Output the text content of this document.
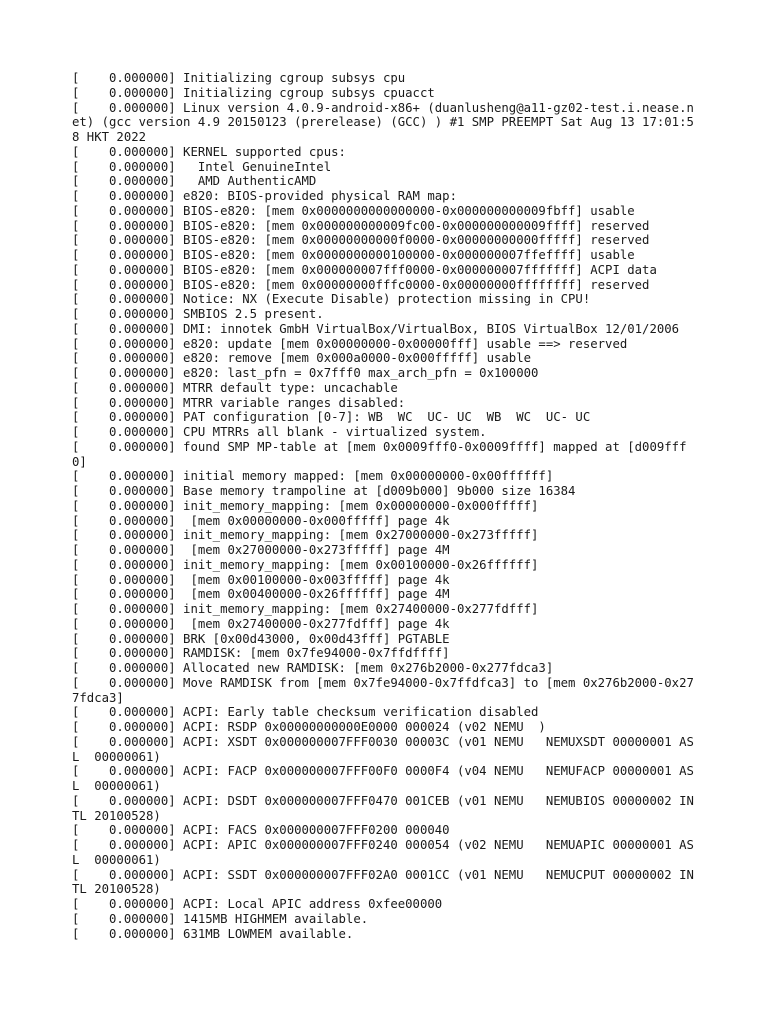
[    0.000000] Initializing cgroup subsys cpu
[    0.000000] Initializing cgroup subsys cpuacct
[    0.000000] Linux version 4.0.9-android-x86+ (duanlusheng@a11-gz02-test.i.nease.net) (gcc version 4.9 20150123 (prerelease) (GCC) ) #1 SMP PREEMPT Sat Aug 13 17:01:58 HKT 2022
[    0.000000] KERNEL supported cpus:
[    0.000000]   Intel GenuineIntel
[    0.000000]   AMD AuthenticAMD
[    0.000000] e820: BIOS-provided physical RAM map:
[    0.000000] BIOS-e820: [mem 0x0000000000000000-0x000000000009fbff] usable
[    0.000000] BIOS-e820: [mem 0x000000000009fc00-0x000000000009ffff] reserved
[    0.000000] BIOS-e820: [mem 0x00000000000f0000-0x00000000000fffff] reserved
[    0.000000] BIOS-e820: [mem 0x0000000000100000-0x000000007ffeffff] usable
[    0.000000] BIOS-e820: [mem 0x000000007fff0000-0x000000007fffffff] ACPI data
[    0.000000] BIOS-e820: [mem 0x00000000fffc0000-0x00000000ffffffff] reserved
[    0.000000] Notice: NX (Execute Disable) protection missing in CPU!
[    0.000000] SMBIOS 2.5 present.
[    0.000000] DMI: innotek GmbH VirtualBox/VirtualBox, BIOS VirtualBox 12/01/2006
[    0.000000] e820: update [mem 0x00000000-0x00000fff] usable ==> reserved
[    0.000000] e820: remove [mem 0x000a0000-0x000fffff] usable
[    0.000000] e820: last_pfn = 0x7fff0 max_arch_pfn = 0x100000
[    0.000000] MTRR default type: uncachable
[    0.000000] MTRR variable ranges disabled:
[    0.000000] PAT configuration [0-7]: WB  WC  UC- UC  WB  WC  UC- UC
[    0.000000] CPU MTRRs all blank - virtualized system.
[    0.000000] found SMP MP-table at [mem 0x0009fff0-0x0009ffff] mapped at [d009fff0]
[    0.000000] initial memory mapped: [mem 0x00000000-0x00ffffff]
[    0.000000] Base memory trampoline at [d009b000] 9b000 size 16384
[    0.000000] init_memory_mapping: [mem 0x00000000-0x000fffff]
[    0.000000]  [mem 0x00000000-0x000fffff] page 4k
[    0.000000] init_memory_mapping: [mem 0x27000000-0x273fffff]
[    0.000000]  [mem 0x27000000-0x273fffff] page 4M
[    0.000000] init_memory_mapping: [mem 0x00100000-0x26ffffff]
[    0.000000]  [mem 0x00100000-0x003fffff] page 4k
[    0.000000]  [mem 0x00400000-0x26ffffff] page 4M
[    0.000000] init_memory_mapping: [mem 0x27400000-0x277fdfff]
[    0.000000]  [mem 0x27400000-0x277fdfff] page 4k
[    0.000000] BRK [0x00d43000, 0x00d43fff] PGTABLE
[    0.000000] RAMDISK: [mem 0x7fe94000-0x7ffdffff]
[    0.000000] Allocated new RAMDISK: [mem 0x276b2000-0x277fdca3]
[    0.000000] Move RAMDISK from [mem 0x7fe94000-0x7ffdfca3] to [mem 0x276b2000-0x277fdca3]
[    0.000000] ACPI: Early table checksum verification disabled
[    0.000000] ACPI: RSDP 0x00000000000E0000 000024 (v02 NEMU  )
[    0.000000] ACPI: XSDT 0x000000007FFF0030 00003C (v01 NEMU   NEMUXSDT 00000001 ASL  00000061)
[    0.000000] ACPI: FACP 0x000000007FFF00F0 0000F4 (v04 NEMU   NEMUFACP 00000001 ASL  00000061)
[    0.000000] ACPI: DSDT 0x000000007FFF0470 001CEB (v01 NEMU   NEMUBIOS 00000002 INTL 20100528)
[    0.000000] ACPI: FACS 0x000000007FFF0200 000040
[    0.000000] ACPI: APIC 0x000000007FFF0240 000054 (v02 NEMU   NEMUAPIC 00000001 ASL  00000061)
[    0.000000] ACPI: SSDT 0x000000007FFF02A0 0001CC (v01 NEMU   NEMUCPUT 00000002 INTL 20100528)
[    0.000000] ACPI: Local APIC address 0xfee00000
[    0.000000] 1415MB HIGHMEM available.
[    0.000000] 631MB LOWMEM available.
